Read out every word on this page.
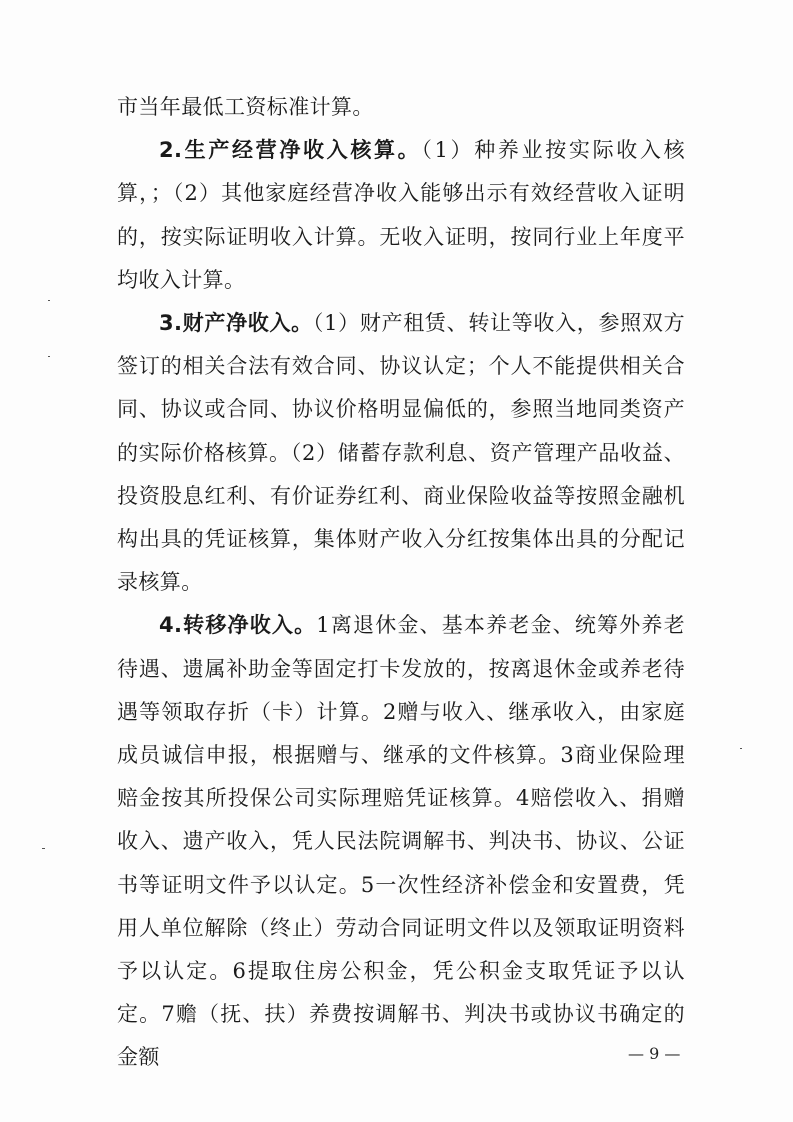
市当年最低工资标准计算。

2.生产经营净收入核算。（1）种养业按实际收入核算，；（2）其他家庭经营净收入能够出示有效经营收入证明的，按实际证明收入计算。无收入证明，按同行业上年度平均收入计算。

3.财产净收入。（1）财产租赁、转让等收入，参照双方签订的相关合法有效合同、协议认定；个人不能提供相关合同、协议或合同、协议价格明显偏低的，参照当地同类资产的实际价格核算。（2）储蓄存款利息、资产管理产品收益、投资股息红利、有价证券红利、商业保险收益等按照金融机构出具的凭证核算，集体财产收入分红按集体出具的分配记录核算。

4.转移净收入。1离退休金、基本养老金、统筹外养老待遇、遗属补助金等固定打卡发放的，按离退休金或养老待遇等领取存折（卡）计算。2赠与收入、继承收入，由家庭成员诚信申报，根据赠与、继承的文件核算。3商业保险理赔金按其所投保公司实际理赔凭证核算。4赔偿收入、捐赠收入、遗产收入，凭人民法院调解书、判决书、协议、公证书等证明文件予以认定。5一次性经济补偿金和安置费，凭用人单位解除（终止）劳动合同证明文件以及领取证明资料予以认定。6提取住房公积金，凭公积金支取凭证予以认定。7赡（抚、扶）养费按调解书、判决书或协议书确定的金额	— 9 —
